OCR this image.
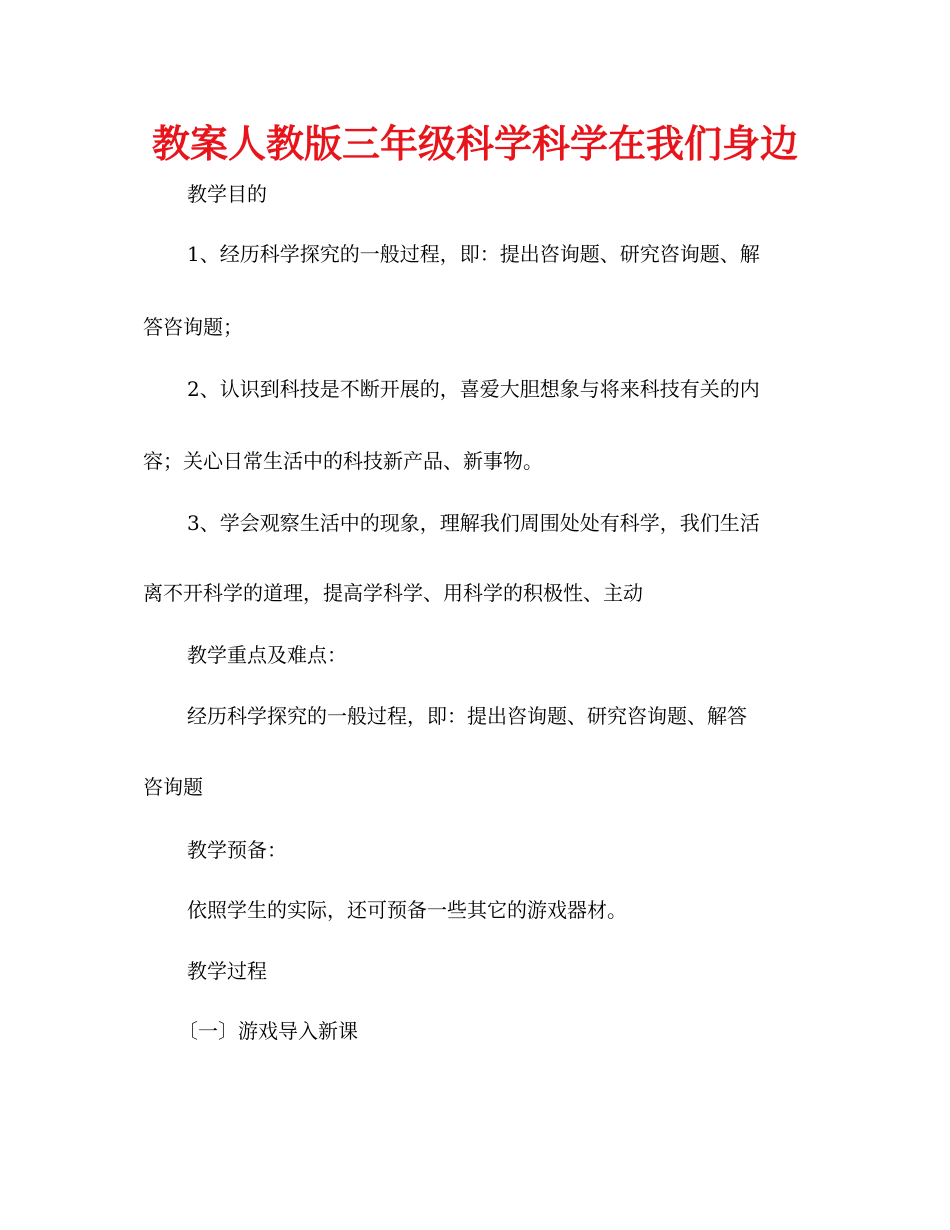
教案人教版三年级科学科学在我们身边
教学目的
1、经历科学探究的一般过程，即：提出咨询题、研究咨询题、解
答咨询题；
2、认识到科技是不断开展的，喜爱大胆想象与将来科技有关的内
容；关心日常生活中的科技新产品、新事物。
3、学会观察生活中的现象，理解我们周围处处有科学，我们生活
离不开科学的道理，提高学科学、用科学的积极性、主动
教学重点及难点：
经历科学探究的一般过程，即：提出咨询题、研究咨询题、解答
咨询题
教学预备：
依照学生的实际，还可预备一些其它的游戏器材。
教学过程
〔一〕游戏导入新课
